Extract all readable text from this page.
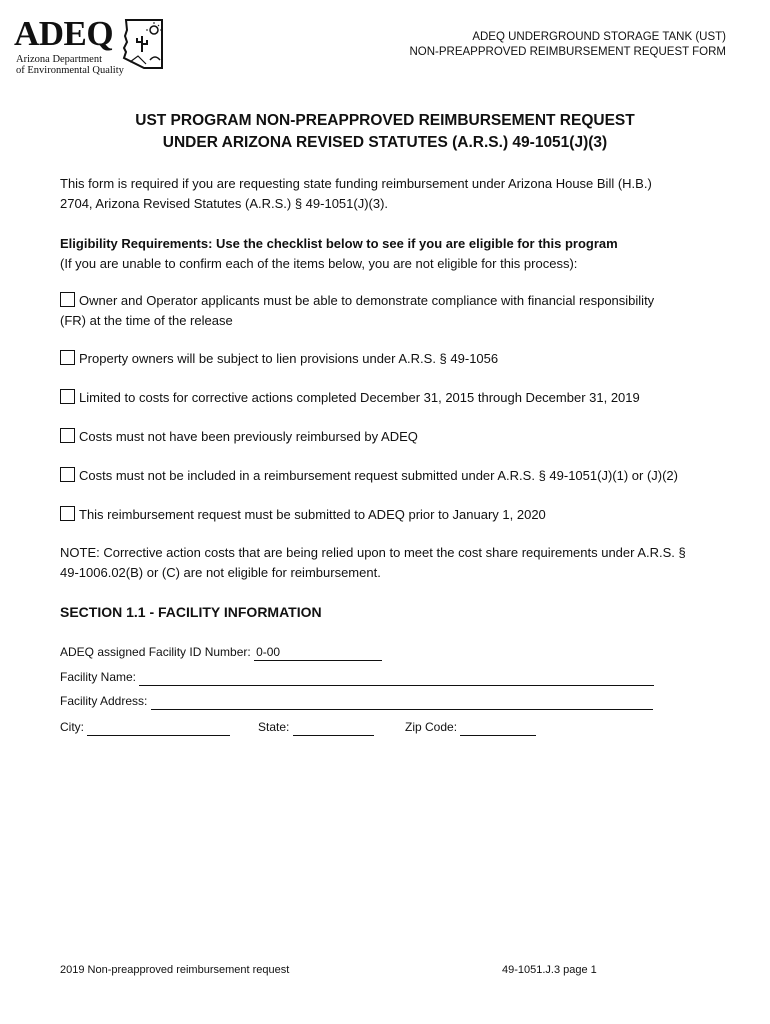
ADEQ
Arizona Department
of Environmental Quality
ADEQ UNDERGROUND STORAGE TANK (UST)
NON-PREAPPROVED REIMBURSEMENT REQUEST FORM
UST PROGRAM NON-PREAPPROVED REIMBURSEMENT REQUEST
UNDER ARIZONA REVISED STATUTES (A.R.S.) 49-1051(J)(3)
This form is required if you are requesting state funding reimbursement under Arizona House Bill (H.B.)
2704, Arizona Revised Statutes (A.R.S.) § 49-1051(J)(3).
Eligibility Requirements: Use the checklist below to see if you are eligible for this program
(If you are unable to confirm each of the items below, you are not eligible for this process):
Owner and Operator applicants must be able to demonstrate compliance with financial responsibility
(FR) at the time of the release
Property owners will be subject to lien provisions under A.R.S. § 49-1056
Limited to costs for corrective actions completed December 31, 2015 through December 31, 2019
Costs must not have been previously reimbursed by ADEQ
Costs must not be included in a reimbursement request submitted under A.R.S. § 49-1051(J)(1) or (J)(2)
This reimbursement request must be submitted to ADEQ prior to January 1, 2020
NOTE: Corrective action costs that are being relied upon to meet the cost share requirements under A.R.S. §
49-1006.02(B) or (C) are not eligible for reimbursement.
SECTION 1.1 - FACILITY INFORMATION
ADEQ assigned Facility ID Number: 0-00
Facility Name:
Facility Address:
City:	State:	Zip Code:
2019 Non-preapproved reimbursement request	49-1051.J.3 page 1
